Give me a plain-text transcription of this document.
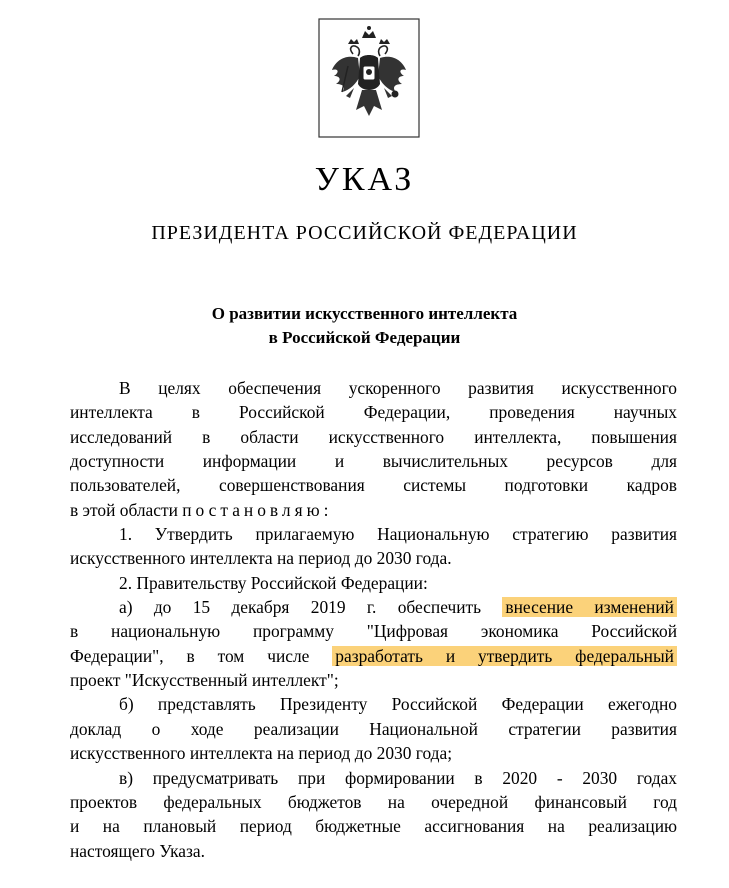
УКАЗ
ПРЕЗИДЕНТА РОССИЙСКОЙ ФЕДЕРАЦИИ
О развитии искусственного интеллекта
в Российской Федерации
В целях обеспечения ускоренного развития искусственного
интеллекта в Российской Федерации, проведения научных
исследований в области искусственного интеллекта, повышения
доступности информации и вычислительных ресурсов для
пользователей, совершенствования системы подготовки кадров
в этой области постановляю:
1. Утвердить прилагаемую Национальную стратегию развития
искусственного интеллекта на период до 2030 года.
2. Правительству Российской Федерации:
а) до 15 декабря 2019 г. обеспечить внесение изменений
в национальную программу "Цифровая экономика Российской
Федерации", в том числе разработать и утвердить федеральный
проект "Искусственный интеллект";
б) представлять Президенту Российской Федерации ежегодно
доклад о ходе реализации Национальной стратегии развития
искусственного интеллекта на период до 2030 года;
в) предусматривать при формировании в 2020 - 2030 годах
проектов федеральных бюджетов на очередной финансовый год
и на плановый период бюджетные ассигнования на реализацию
настоящего Указа.
